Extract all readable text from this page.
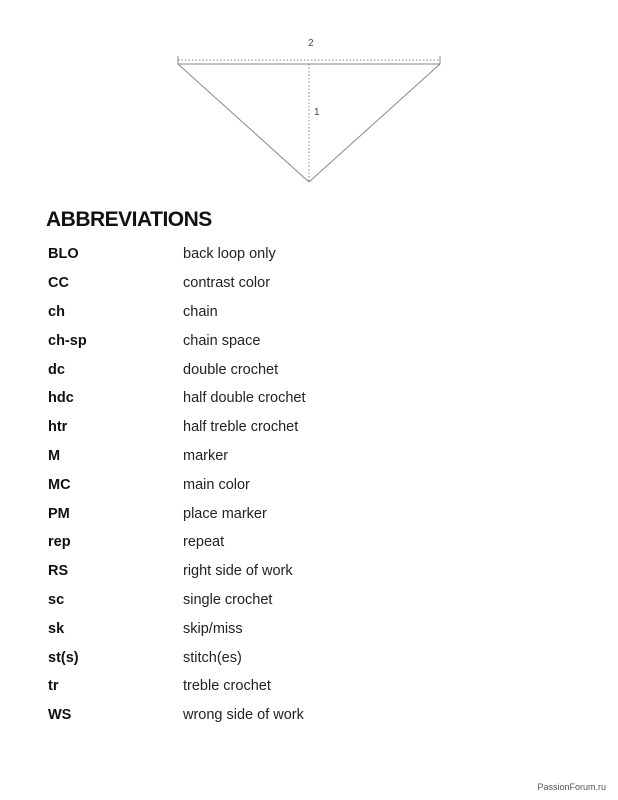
2
1
ABBREVIATIONS
BLO	back loop only
CC	contrast color
ch	chain
ch-sp	chain space
dc	double crochet
hdc	half double crochet
htr	half treble crochet
M	marker
MC	main color
PM	place marker
rep	repeat
RS	right side of work
sc	single crochet
sk	skip/miss
st(s)	stitch(es)
tr	treble crochet
WS	wrong side of work
PassionForum.ru
